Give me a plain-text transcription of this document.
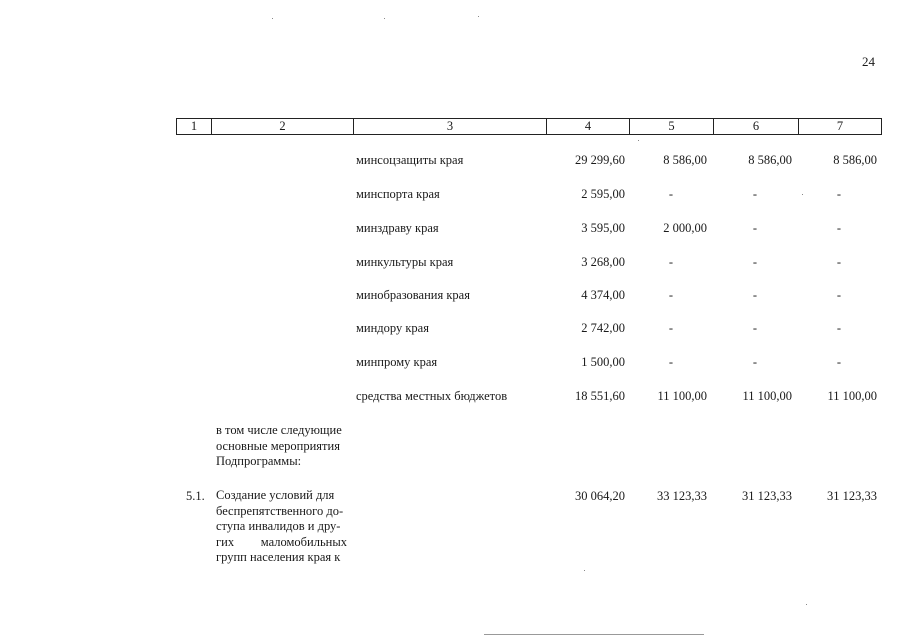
24
1	2	3	4	5	6	7
минсоцзащиты края	29 299,60	8 586,00	8 586,00	8 586,00
минспорта края	2 595,00	-	-	-
минздраву края	3 595,00	2 000,00	-	-
минкультуры края	3 268,00	-	-	-
минобразования края	4 374,00	-	-	-
миндору края	2 742,00	-	-	-
минпрому края	1 500,00	-	-	-
средства местных бюджетов	18 551,60	11 100,00	11 100,00	11 100,00
в том числе следующие
основные мероприятия
Подпрограммы:
5.1. Создание условий для
беспрепятственного до-
ступа инвалидов и дру-
гих маломобильных
групп населения края к
30 064,20	33 123,33	31 123,33	31 123,33
